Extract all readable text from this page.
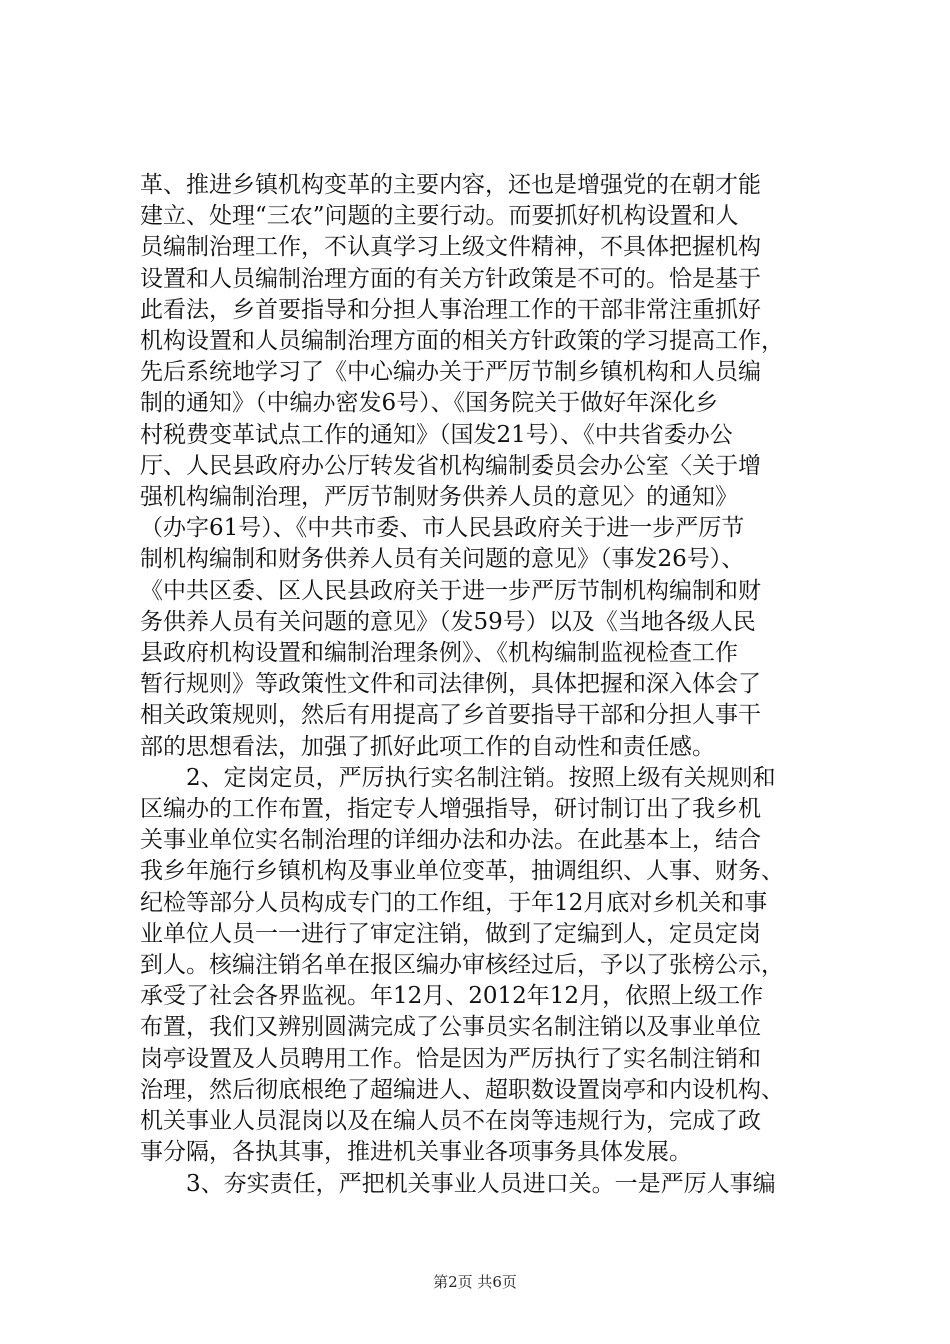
革、推进乡镇机构变革的主要内容，还也是增强党的在朝才能
建立、处理“三农”问题的主要行动。而要抓好机构设置和人
员编制治理工作，不认真学习上级文件精神，不具体把握机构
设置和人员编制治理方面的有关方针政策是不可的。恰是基于
此看法，乡首要指导和分担人事治理工作的干部非常注重抓好
机构设置和人员编制治理方面的相关方针政策的学习提高工作，
先后系统地学习了《中心编办关于严厉节制乡镇机构和人员编
制的通知》（中编办密发6号）、《国务院关于做好年深化乡
村税费变革试点工作的通知》（国发21号）、《中共省委办公
厅、人民县政府办公厅转发省机构编制委员会办公室〈关于增
强机构编制治理，严厉节制财务供养人员的意见〉的通知》
（办字61号）、《中共市委、市人民县政府关于进一步严厉节
制机构编制和财务供养人员有关问题的意见》（事发26号）、
《中共区委、区人民县政府关于进一步严厉节制机构编制和财
务供养人员有关问题的意见》（发59号）以及《当地各级人民
县政府机构设置和编制治理条例》、《机构编制监视检查工作
暂行规则》等政策性文件和司法律例，具体把握和深入体会了
相关政策规则，然后有用提高了乡首要指导干部和分担人事干
部的思想看法，加强了抓好此项工作的自动性和责任感。

　　2、定岗定员，严厉执行实名制注销。按照上级有关规则和
区编办的工作布置，指定专人增强指导，研讨制订出了我乡机
关事业单位实名制治理的详细办法和办法。在此基本上，结合
我乡年施行乡镇机构及事业单位变革，抽调组织、人事、财务、
纪检等部分人员构成专门的工作组，于年12月底对乡机关和事
业单位人员一一进行了审定注销，做到了定编到人，定员定岗
到人。核编注销名单在报区编办审核经过后，予以了张榜公示，
承受了社会各界监视。年12月、2012年12月，依照上级工作
布置，我们又辨别圆满完成了公事员实名制注销以及事业单位
岗亭设置及人员聘用工作。恰是因为严厉执行了实名制注销和
治理，然后彻底根绝了超编进人、超职数设置岗亭和内设机构、
机关事业人员混岗以及在编人员不在岗等违规行为，完成了政
事分隔，各执其事，推进机关事业各项事务具体发展。

　　3、夯实责任，严把机关事业人员进口关。一是严厉人事编

第2页 共6页
